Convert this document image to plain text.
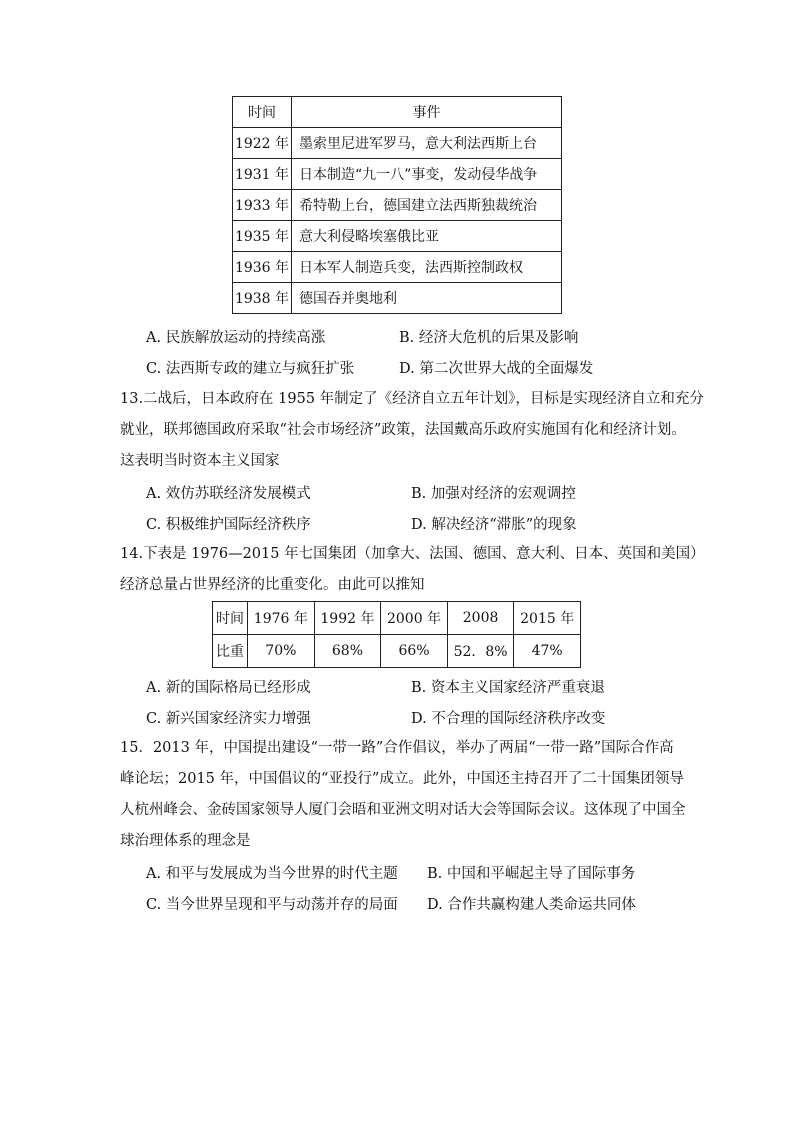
时间	事件
1922 年	墨索里尼进军罗马，意大利法西斯上台
1931 年	日本制造“九一八”事变，发动侵华战争
1933 年	希特勒上台，德国建立法西斯独裁统治
1935 年	意大利侵略埃塞俄比亚
1936 年	日本军人制造兵变，法西斯控制政权
1938 年	德国吞并奥地利
A. 民族解放运动的持续高涨	B. 经济大危机的后果及影响
C. 法西斯专政的建立与疯狂扩张	D. 第二次世界大战的全面爆发
13.二战后，日本政府在 1955 年制定了《经济自立五年计划》，目标是实现经济自立和充分
就业，联邦德国政府采取“社会市场经济”政策，法国戴高乐政府实施国有化和经济计划。
这表明当时资本主义国家
A. 效仿苏联经济发展模式	B. 加强对经济的宏观调控
C. 积极维护国际经济秩序	D. 解决经济“滞胀”的现象
14.下表是 1976—2015 年七国集团（加拿大、法国、德国、意大利、日本、英国和美国）
经济总量占世界经济的比重变化。由此可以推知
时间	1976 年	1992 年	2000 年	2008	2015 年
比重	70%	68%	66%	52．8%	47%
A. 新的国际格局已经形成	B. 资本主义国家经济严重衰退
C. 新兴国家经济实力增强	D. 不合理的国际经济秩序改变
15．2013 年，中国提出建设“一带一路”合作倡议，举办了两届“一带一路”国际合作高
峰论坛；2015 年，中国倡议的“亚投行”成立。此外，中国还主持召开了二十国集团领导
人杭州峰会、金砖国家领导人厦门会晤和亚洲文明对话大会等国际会议。这体现了中国全
球治理体系的理念是
A. 和平与发展成为当今世界的时代主题 B. 中国和平崛起主导了国际事务
C. 当今世界呈现和平与动荡并存的局面 D. 合作共赢构建人类命运共同体
